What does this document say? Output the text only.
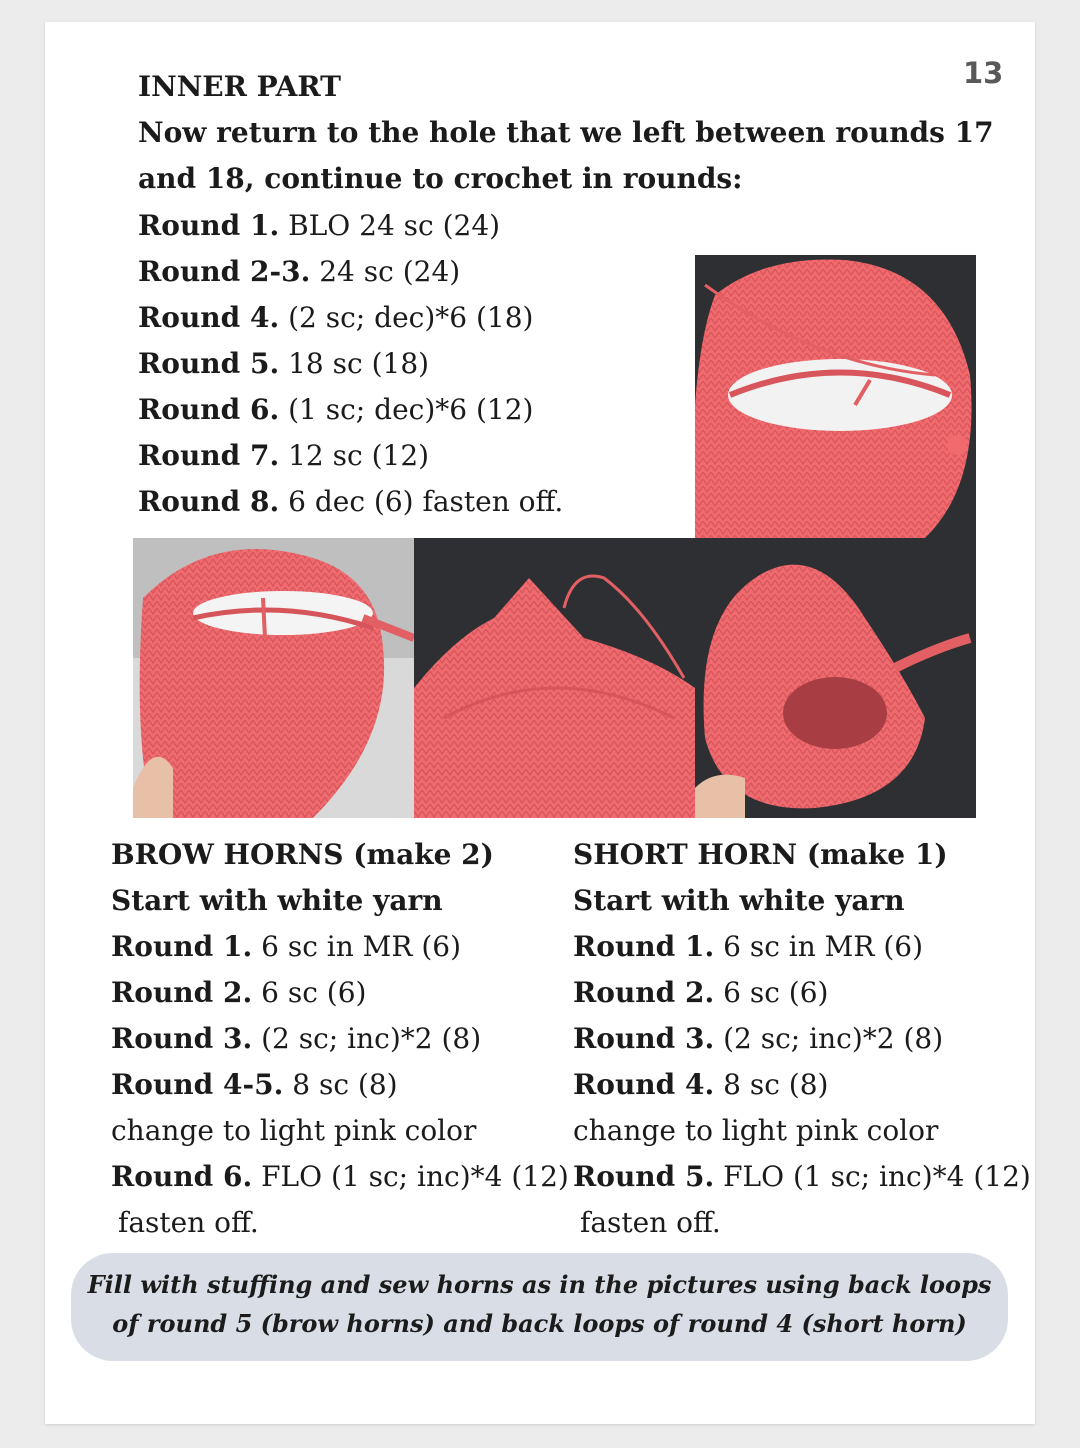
13
INNER PART
Now return to the hole that we left between rounds 17
and 18, continue to crochet in rounds:
Round 1. BLO 24 sc (24)
Round 2-3. 24 sc (24)
Round 4. (2 sc; dec)*6 (18)
Round 5. 18 sc (18)
Round 6. (1 sc; dec)*6 (12)
Round 7. 12 sc (12)
Round 8. 6 dec (6) fasten off.
BROW HORNS (make 2)
Start with white yarn
Round 1. 6 sc in MR (6)
Round 2. 6 sc (6)
Round 3. (2 sc; inc)*2 (8)
Round 4-5. 8 sc (8)
change to light pink color
Round 6. FLO (1 sc; inc)*4 (12)
fasten off.
SHORT HORN (make 1)
Start with white yarn
Round 1. 6 sc in MR (6)
Round 2. 6 sc (6)
Round 3. (2 sc; inc)*2 (8)
Round 4. 8 sc (8)
change to light pink color
Round 5. FLO (1 sc; inc)*4 (12)
fasten off.
Fill with stuffing and sew horns as in the pictures using back loops
of round 5 (brow horns) and back loops of round 4 (short horn)
